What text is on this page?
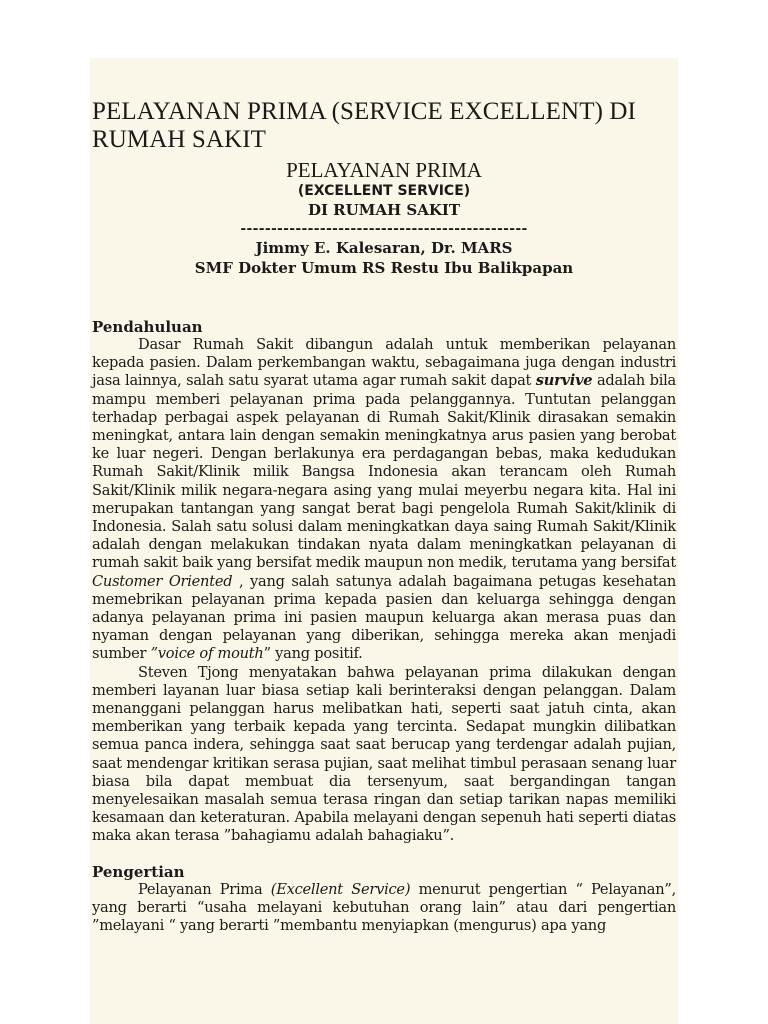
PELAYANAN PRIMA (SERVICE EXCELLENT) DI RUMAH SAKIT
PELAYANAN PRIMA
(EXCELLENT SERVICE)
DI RUMAH SAKIT
-----------------------------------------------
Jimmy E. Kalesaran, Dr. MARS
SMF Dokter Umum RS Restu Ibu Balikpapan

Pendahuluan

Dasar Rumah Sakit dibangun adalah untuk memberikan pelayanan kepada pasien. Dalam perkembangan waktu, sebagaimana juga dengan industri jasa lainnya, salah satu syarat utama agar rumah sakit dapat survive adalah bila mampu memberi pelayanan prima pada pelanggannya. Tuntutan pelanggan terhadap perbagai aspek pelayanan di Rumah Sakit/Klinik dirasakan semakin meningkat, antara lain dengan semakin meningkatnya arus pasien yang berobat ke luar negeri. Dengan berlakunya era perdagangan bebas, maka kedudukan Rumah Sakit/Klinik milik Bangsa Indonesia akan terancam oleh Rumah Sakit/Klinik milik negara-negara asing yang mulai meyerbu negara kita. Hal ini merupakan tantangan yang sangat berat bagi pengelola Rumah Sakit/klinik di Indonesia. Salah satu solusi dalam meningkatkan daya saing Rumah Sakit/Klinik adalah dengan melakukan tindakan nyata dalam meningkatkan pelayanan di rumah sakit baik yang bersifat medik maupun non medik, terutama yang bersifat Customer Oriented , yang salah satunya adalah bagaimana petugas kesehatan memebrikan pelayanan prima kepada pasien dan keluarga sehingga dengan adanya pelayanan prima ini pasien maupun keluarga akan merasa puas dan nyaman dengan pelayanan yang diberikan, sehingga mereka akan menjadi sumber ”voice of mouth” yang positif.

Steven Tjong menyatakan bahwa pelayanan prima dilakukan dengan memberi layanan luar biasa setiap kali berinteraksi dengan pelanggan. Dalam menanggani pelanggan harus melibatkan hati, seperti saat jatuh cinta, akan memberikan yang terbaik kepada yang tercinta. Sedapat mungkin dilibatkan semua panca indera, sehingga saat saat berucap yang terdengar adalah pujian, saat mendengar kritikan serasa pujian, saat melihat timbul perasaan senang luar biasa bila dapat membuat dia tersenyum, saat bergandingan tangan menyelesaikan masalah semua terasa ringan dan setiap tarikan napas memiliki kesamaan dan keteraturan. Apabila melayani dengan sepenuh hati seperti diatas maka akan terasa ”bahagiamu adalah bahagiaku”.

Pengertian

Pelayanan Prima (Excellent Service) menurut pengertian “ Pelayanan”, yang berarti “usaha melayani kebutuhan orang lain” atau dari pengertian ”melayani “ yang berarti ”membantu menyiapkan (mengurus) apa yang
